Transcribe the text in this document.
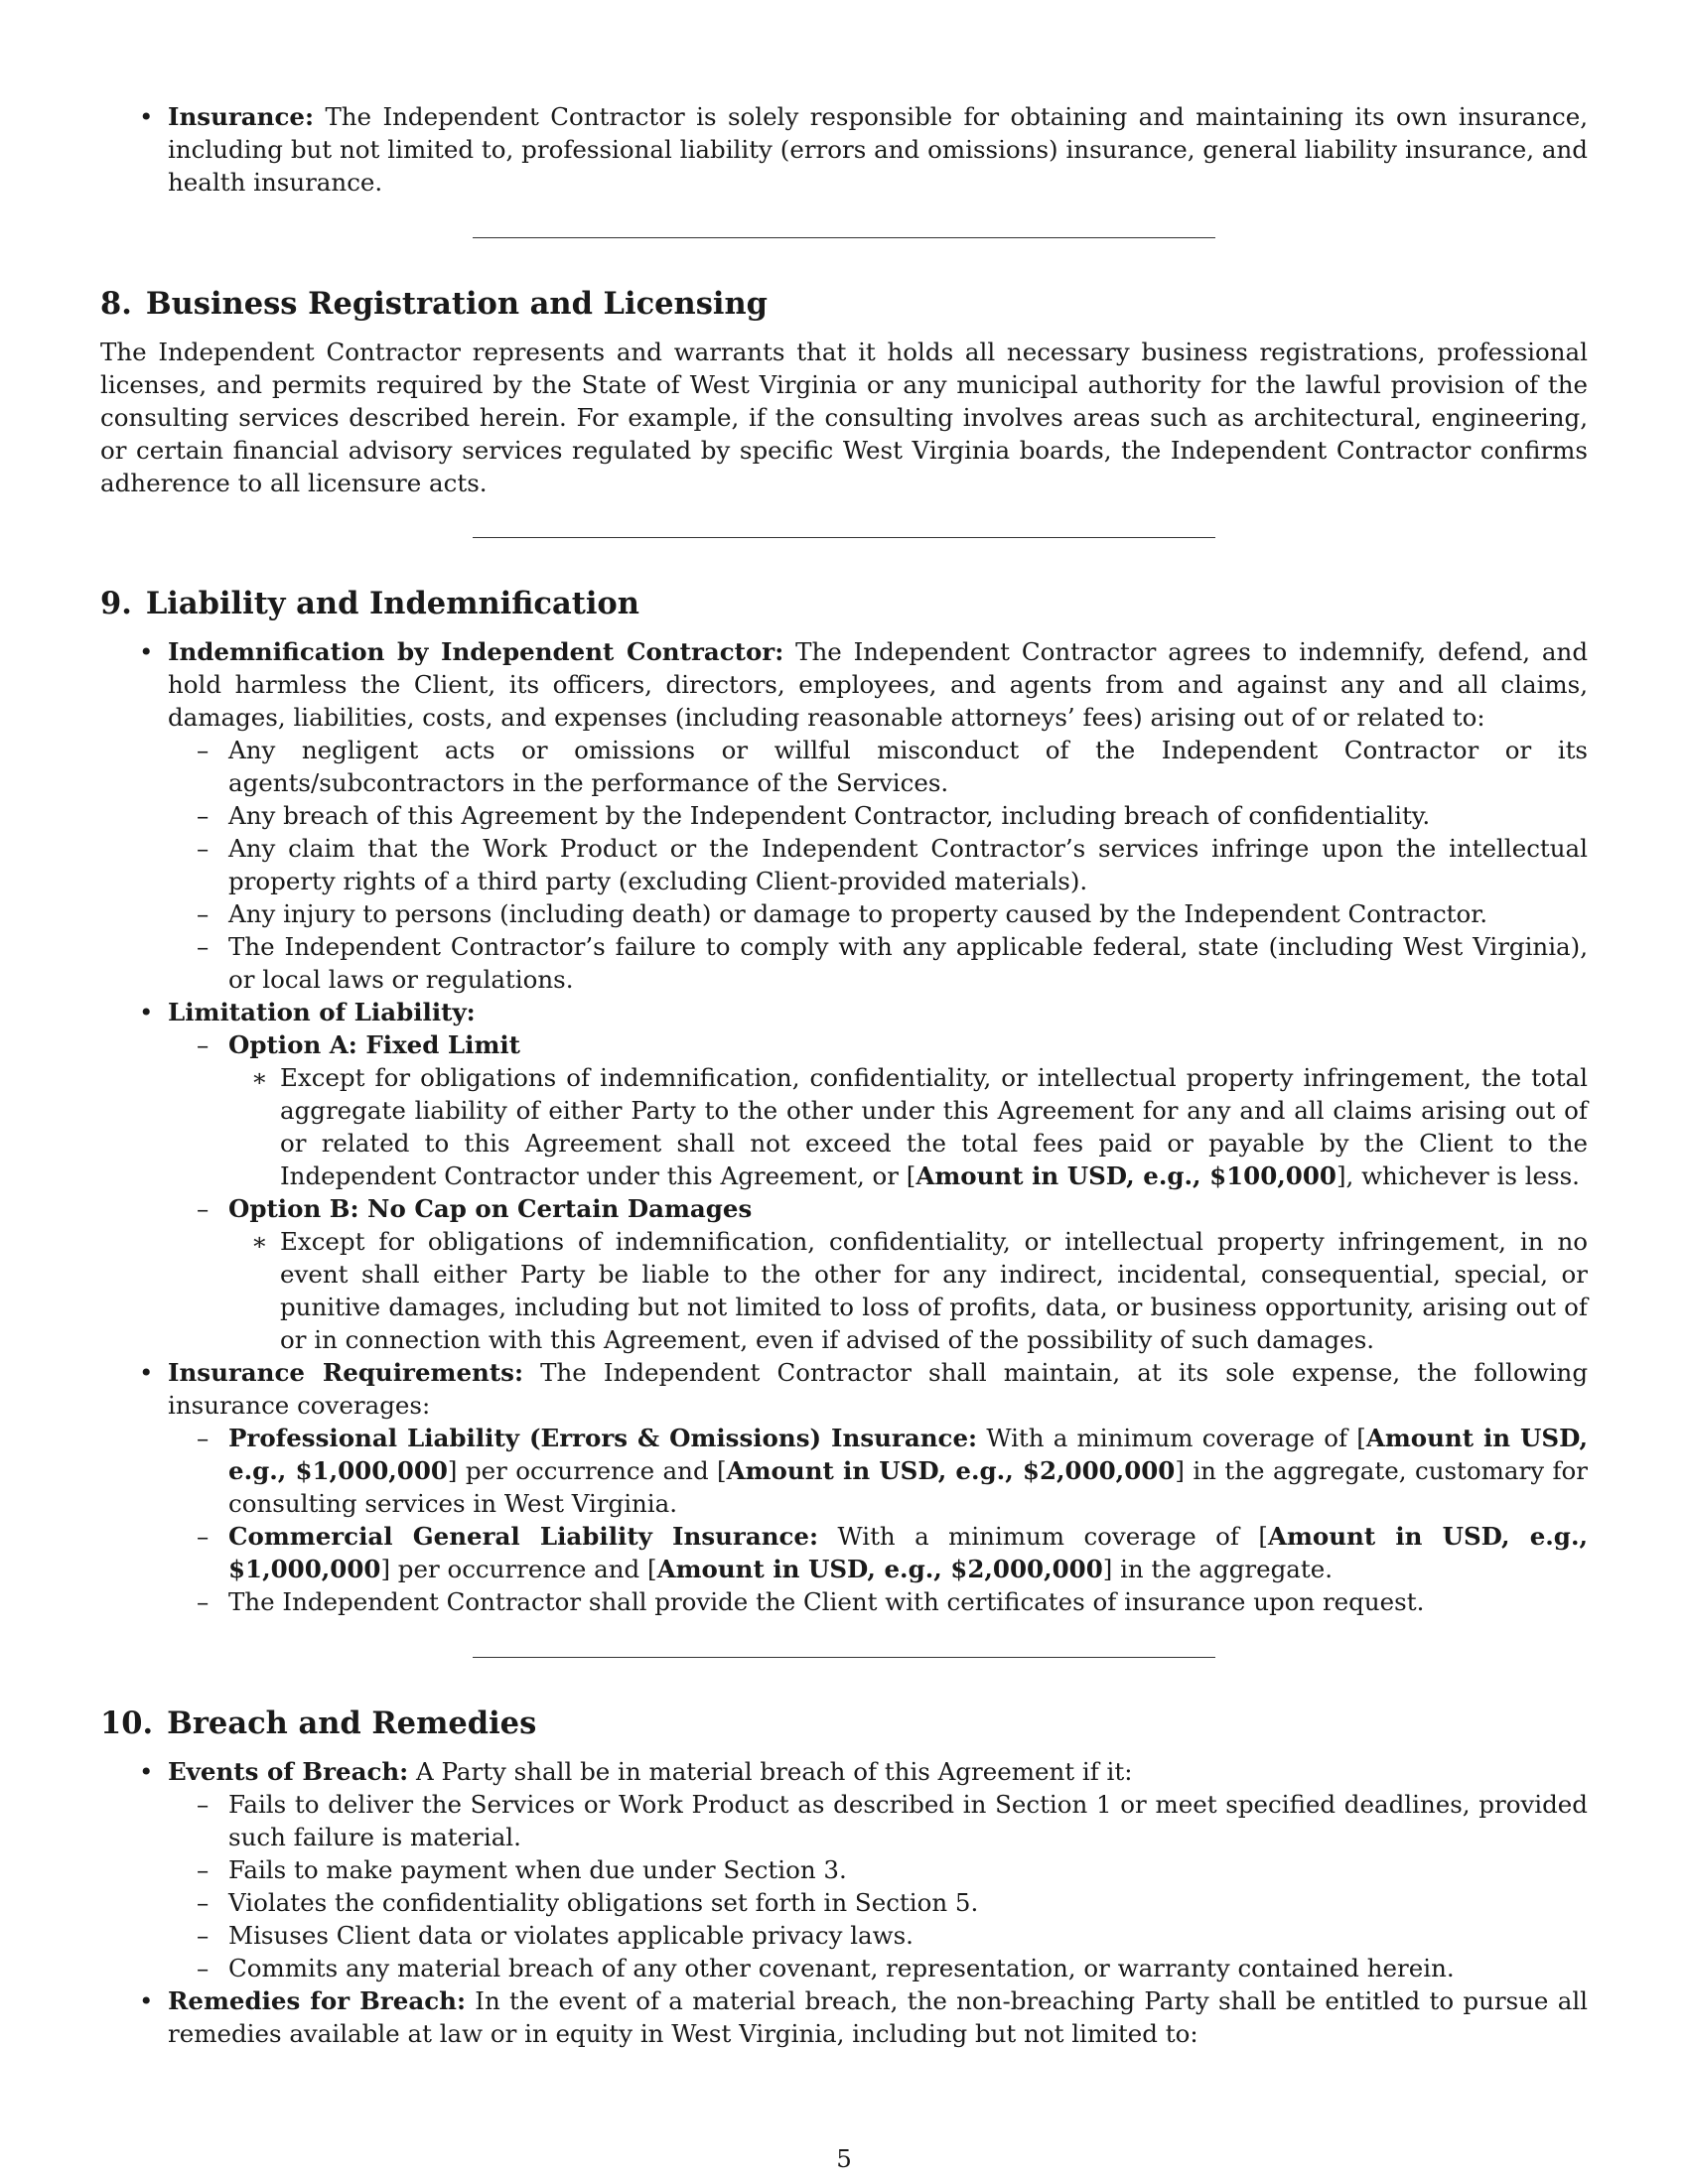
• Insurance: The Independent Contractor is solely responsible for obtaining and maintaining its own insurance, including but not limited to, professional liability (errors and omissions) insurance, general liability insurance, and health insurance.
8. Business Registration and Licensing

The Independent Contractor represents and warrants that it holds all necessary business registrations, professional licenses, and permits required by the State of West Virginia or any municipal authority for the lawful provision of the consulting services described herein. For example, if the consulting involves areas such as architectural, engineering, or certain financial advisory services regulated by specific West Virginia boards, the Independent Contractor confirms adherence to all licensure acts.

9. Liability and Indemnification
• Indemnification by Independent Contractor: The Independent Contractor agrees to indemnify, defend, and hold harmless the Client, its officers, directors, employees, and agents from and against any and all claims, damages, liabilities, costs, and expenses (including reasonable attorneys’ fees) arising out of or related to:
– Any negligent acts or omissions or willful misconduct of the Independent Contractor or its agents/subcontractors in the performance of the Services.
– Any breach of this Agreement by the Independent Contractor, including breach of confidentiality.
– Any claim that the Work Product or the Independent Contractor’s services infringe upon the intellectual property rights of a third party (excluding Client-provided materials).
– Any injury to persons (including death) or damage to property caused by the Independent Contractor.
– The Independent Contractor’s failure to comply with any applicable federal, state (including West Virginia), or local laws or regulations.
• Limitation of Liability:
– Option A: Fixed Limit
∗ Except for obligations of indemnification, confidentiality, or intellectual property infringement, the total aggregate liability of either Party to the other under this Agreement for any and all claims arising out of or related to this Agreement shall not exceed the total fees paid or payable by the Client to the Independent Contractor under this Agreement, or [Amount in USD, e.g., $100,000], whichever is less.
– Option B: No Cap on Certain Damages
∗ Except for obligations of indemnification, confidentiality, or intellectual property infringement, in no event shall either Party be liable to the other for any indirect, incidental, consequential, special, or punitive damages, including but not limited to loss of profits, data, or business opportunity, arising out of or in connection with this Agreement, even if advised of the possibility of such damages.
• Insurance Requirements: The Independent Contractor shall maintain, at its sole expense, the following insurance coverages:
– Professional Liability (Errors & Omissions) Insurance: With a minimum coverage of [Amount in USD, e.g., $1,000,000] per occurrence and [Amount in USD, e.g., $2,000,000] in the aggregate, customary for consulting services in West Virginia.
– Commercial General Liability Insurance: With a minimum coverage of [Amount in USD, e.g., $1,000,000] per occurrence and [Amount in USD, e.g., $2,000,000] in the aggregate.
– The Independent Contractor shall provide the Client with certificates of insurance upon request.
10. Breach and Remedies
• Events of Breach: A Party shall be in material breach of this Agreement if it:
– Fails to deliver the Services or Work Product as described in Section 1 or meet specified deadlines, provided such failure is material.
– Fails to make payment when due under Section 3.
– Violates the confidentiality obligations set forth in Section 5.
– Misuses Client data or violates applicable privacy laws.
– Commits any material breach of any other covenant, representation, or warranty contained herein.
• Remedies for Breach: In the event of a material breach, the non-breaching Party shall be entitled to pursue all remedies available at law or in equity in West Virginia, including but not limited to:
5
